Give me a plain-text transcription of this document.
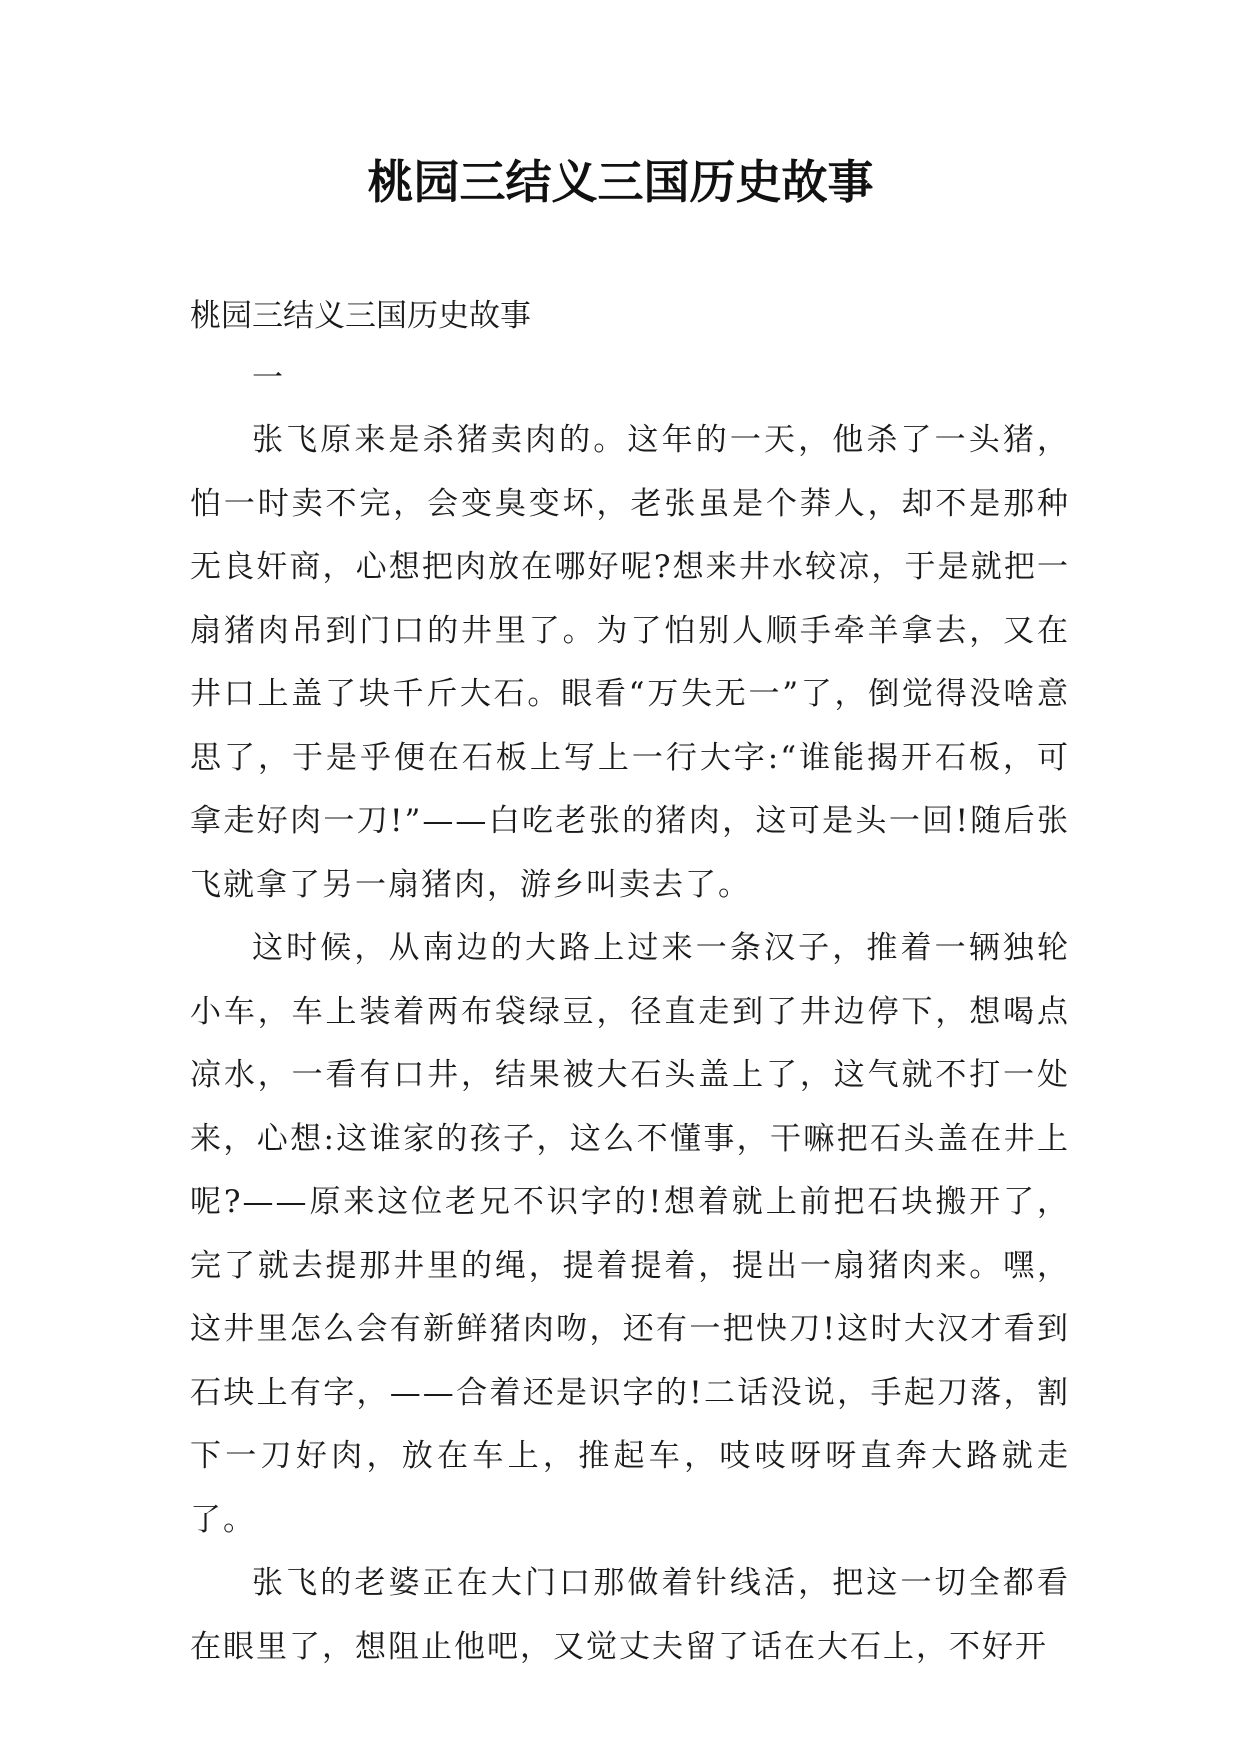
桃园三结义三国历史故事

桃园三结义三国历史故事

一

张飞原来是杀猪卖肉的。这年的一天，他杀了一头猪，怕一时卖不完，会变臭变坏，老张虽是个莽人，却不是那种无良奸商，心想把肉放在哪好呢?想来井水较凉，于是就把一扇猪肉吊到门口的井里了。为了怕别人顺手牵羊拿去，又在井口上盖了块千斤大石。眼看“万失无一”了，倒觉得没啥意思了，于是乎便在石板上写上一行大字:“谁能揭开石板，可拿走好肉一刀!”——白吃老张的猪肉，这可是头一回!随后张飞就拿了另一扇猪肉，游乡叫卖去了。

这时候，从南边的大路上过来一条汉子，推着一辆独轮小车，车上装着两布袋绿豆，径直走到了井边停下，想喝点凉水，一看有口井，结果被大石头盖上了，这气就不打一处来，心想:这谁家的孩子，这么不懂事，干嘛把石头盖在井上呢?——原来这位老兄不识字的!想着就上前把石块搬开了，完了就去提那井里的绳，提着提着，提出一扇猪肉来。嘿，这井里怎么会有新鲜猪肉吻，还有一把快刀!这时大汉才看到石块上有字，——合着还是识字的!二话没说，手起刀落，割下一刀好肉，放在车上，推起车，吱吱呀呀直奔大路就走了。

张飞的老婆正在大门口那做着针线活，把这一切全都看在眼里了，想阻止他吧，又觉丈夫留了话在大石上，不好开
